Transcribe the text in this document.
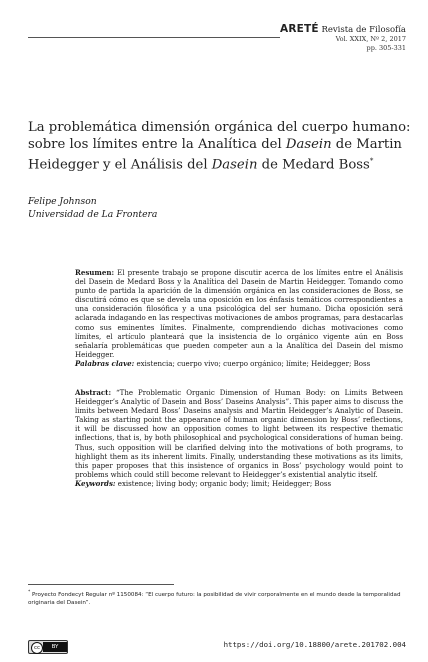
ARETÉ Revista de Filosofía
Vol. XXIX, Nº 2, 2017
pp. 305-331
La problemática dimensión orgánica del cuerpo humano:
sobre los límites entre la Analítica del Dasein de Martin
Heidegger y el Análisis del Dasein de Medard Boss*
Felipe Johnson
Universidad de La Frontera
Resumen: El presente trabajo se propone discutir acerca de los límites entre el Análisis del Dasein de Medard Boss y la Analítica del Dasein de Martin Heidegger. Tomando como punto de partida la aparición de la dimensión orgánica en las consideraciones de Boss, se discutirá cómo es que se devela una oposición en los énfasis temáticos correspondientes a una consideración filosófica y a una psicológica del ser humano. Dicha oposición será aclarada indagando en las respectivas motivaciones de ambos programas, para destacarlas como sus eminentes límites. Finalmente, comprendiendo dichas motivaciones como límites, el artículo planteará que la insistencia de lo orgánico vigente aún en Boss señalaría problemáticas que pueden competer aun a la Analítica del Dasein del mismo Heidegger.
Palabras clave: existencia; cuerpo vivo; cuerpo orgánico; límite; Heidegger; Boss
Abstract: “The Problematic Organic Dimension of Human Body: on Limits Between Heidegger’s Analytic of Dasein and Boss’ Daseins Analysis”. This paper aims to discuss the limits between Medard Boss’ Daseins analysis and Martin Heidegger’s Analytic of Dasein. Taking as starting point the appearance of human organic dimension by Boss’ reflections, it will be discussed how an opposition comes to light between its respective thematic inflections, that is, by both philosophical and psychological considerations of human being. Thus, such opposition will be clarified delving into the motivations of both programs, to highlight them as its inherent limits. Finally, understanding these motivations as its limits, this paper proposes that this insistence of organics in Boss’ psychology would point to problems which could still become relevant to Heidegger’s existential analytic itself.
Keywords: existence; living body; organic body; limit; Heidegger; Boss
* Proyecto Fondecyt Regular nº 1150084: “El cuerpo futuro: la posibilidad de vivir corporalmente en el mundo desde la temporalidad originaria del Dasein”.
cc	BY	https://doi.org/10.18800/arete.201702.004
